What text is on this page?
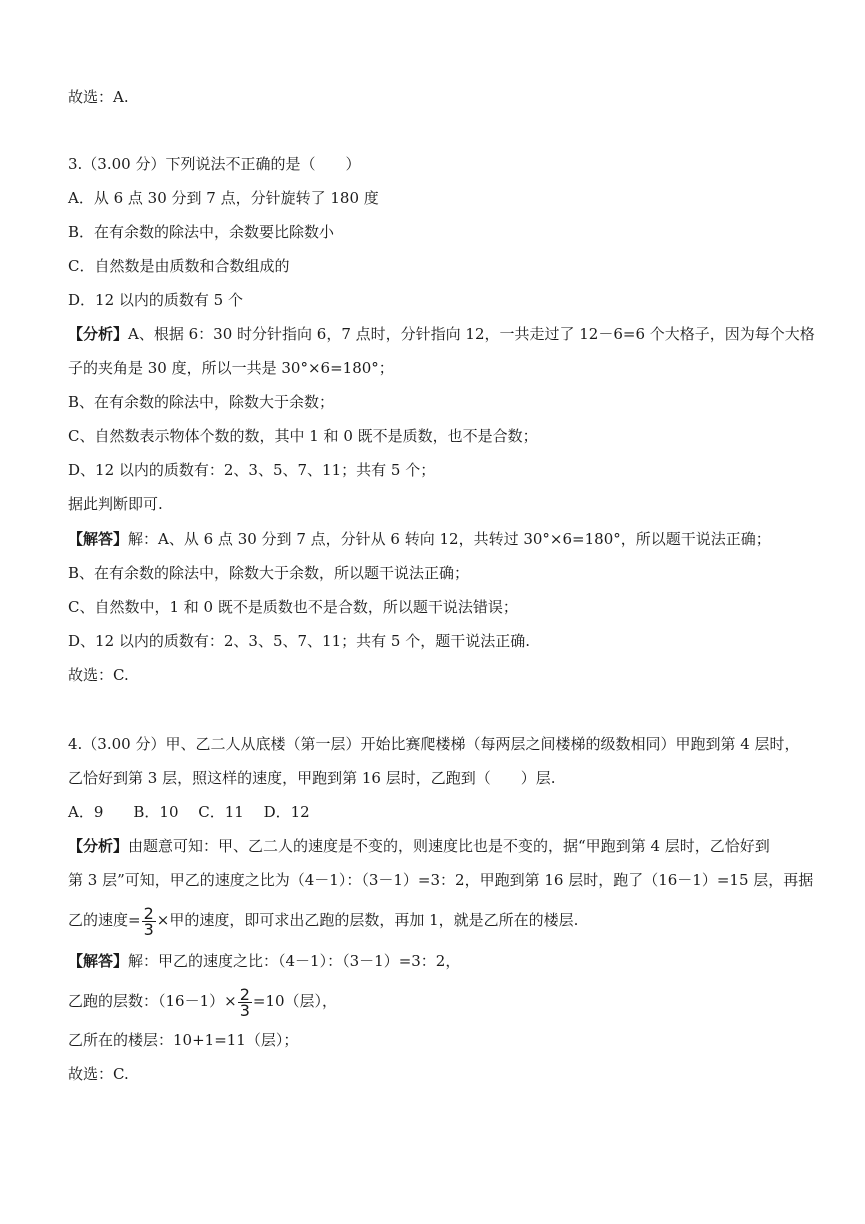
故选：A.
3.（3.00 分）下列说法不正确的是（　　）
A．从 6 点 30 分到 7 点，分针旋转了 180 度
B．在有余数的除法中，余数要比除数小
C．自然数是由质数和合数组成的
D．12 以内的质数有 5 个
【分析】A、根据 6：30 时分针指向 6，7 点时，分针指向 12，一共走过了 12－6=6 个大格子，因为每个大格
子的夹角是 30 度，所以一共是 30°×6=180°；
B、在有余数的除法中，除数大于余数；
C、自然数表示物体个数的数，其中 1 和 0 既不是质数，也不是合数；
D、12 以内的质数有：2、3、5、7、11；共有 5 个；
据此判断即可.
【解答】解：A、从 6 点 30 分到 7 点，分针从 6 转向 12，共转过 30°×6=180°，所以题干说法正确；
B、在有余数的除法中，除数大于余数，所以题干说法正确；
C、自然数中，1 和 0 既不是质数也不是合数，所以题干说法错误；
D、12 以内的质数有：2、3、5、7、11；共有 5 个，题干说法正确.
故选：C.
4.（3.00 分）甲、乙二人从底楼（第一层）开始比赛爬楼梯（每两层之间楼梯的级数相同）甲跑到第 4 层时，
乙恰好到第 3 层，照这样的速度，甲跑到第 16 层时，乙跑到（　　）层.
A．9　　B．10　 C．11　 D．12
【分析】由题意可知：甲、乙二人的速度是不变的，则速度比也是不变的，据“甲跑到第 4 层时，乙恰好到
第 3 层”可知，甲乙的速度之比为（4－1）：（3－1）=3：2，甲跑到第 16 层时，跑了（16－1）=15 层，再据
乙的速度= $\frac{2}{3}$ ×甲的速度，即可求出乙跑的层数，再加 1，就是乙所在的楼层.
【解答】解：甲乙的速度之比：（4－1）：（3－1）=3：2，
乙跑的层数：$(16-1)\times \frac{2}{3} =10$（层），
乙所在的楼层：10+1=11（层）；
故选：C.
